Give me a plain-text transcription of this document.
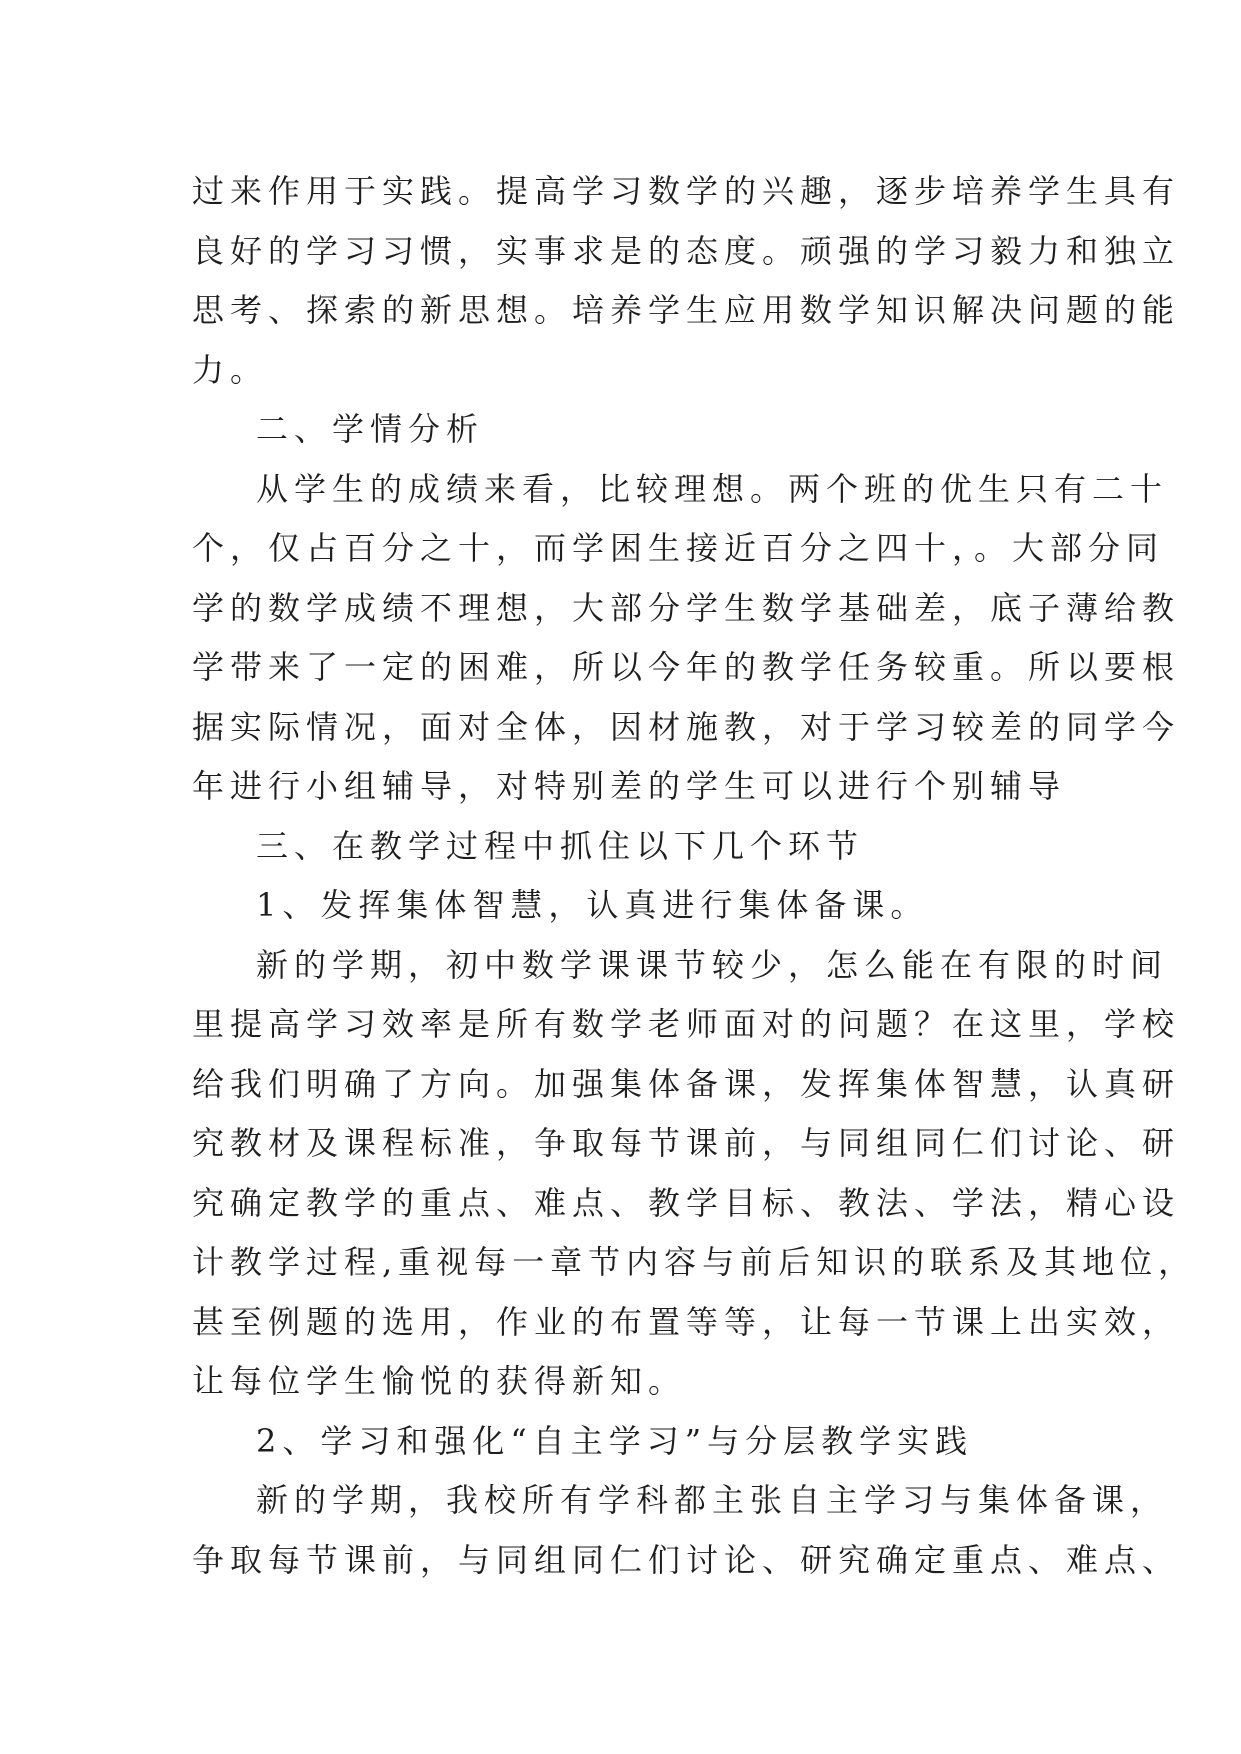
过来作用于实践。提高学习数学的兴趣，逐步培养学生具有
良好的学习习惯，实事求是的态度。顽强的学习毅力和独立
思考、探索的新思想。培养学生应用数学知识解决问题的能
力。
二、学情分析
从学生的成绩来看，比较理想。两个班的优生只有二十
个，仅占百分之十，而学困生接近百分之四十，。大部分同
学的数学成绩不理想，大部分学生数学基础差，底子薄给教
学带来了一定的困难，所以今年的教学任务较重。所以要根
据实际情况，面对全体，因材施教，对于学习较差的同学今
年进行小组辅导，对特别差的学生可以进行个别辅导
三、在教学过程中抓住以下几个环节
1、发挥集体智慧，认真进行集体备课。
新的学期，初中数学课课节较少，怎么能在有限的时间
里提高学习效率是所有数学老师面对的问题？在这里，学校
给我们明确了方向。加强集体备课，发挥集体智慧，认真研
究教材及课程标准，争取每节课前，与同组同仁们讨论、研
究确定教学的重点、难点、教学目标、教法、学法，精心设
计教学过程,重视每一章节内容与前后知识的联系及其地位，
甚至例题的选用，作业的布置等等，让每一节课上出实效，
让每位学生愉悦的获得新知。
2、学习和强化“自主学习”与分层教学实践
新的学期，我校所有学科都主张自主学习与集体备课，
争取每节课前，与同组同仁们讨论、研究确定重点、难点、
